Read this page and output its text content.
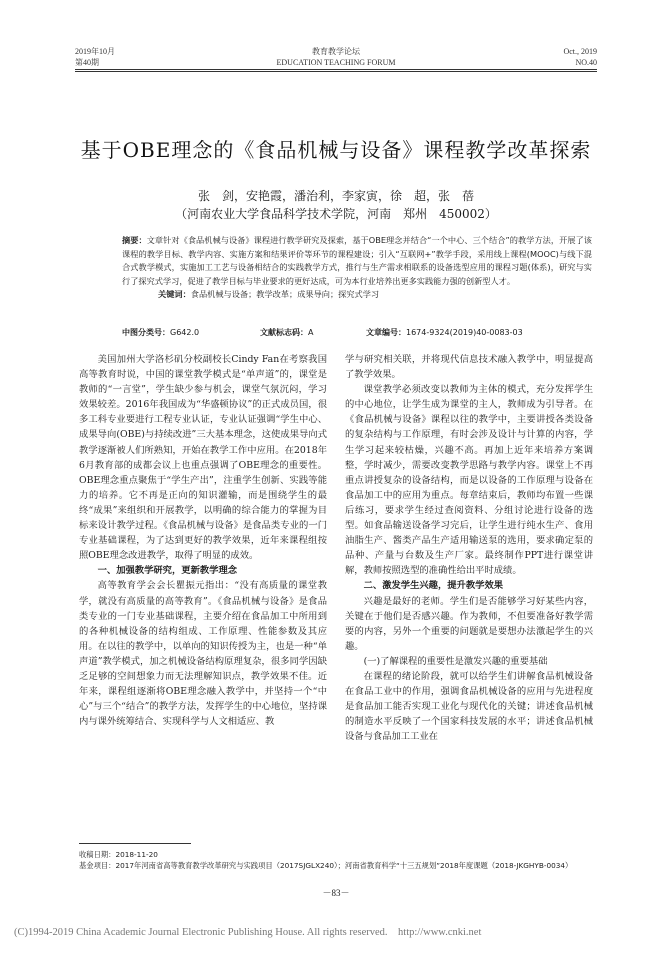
2019年10月
第40期
教育教学论坛
EDUCATION TEACHING FORUM
Oct., 2019
NO.40
基于OBE理念的《食品机械与设备》课程教学改革探索
张　剑，安艳霞，潘治利，李家寅，徐　超，张　蓓
（河南农业大学食品科学技术学院，河南　郑州　450002）
摘要：文章针对《食品机械与设备》课程进行教学研究及探索，基于OBE理念并结合“一个中心、三个结合”的教学方法，开展了该课程的教学目标、教学内容、实施方案和结果评价等环节的课程建设；引入“互联网+”教学手段，采用线上课程(MOOC)与线下混合式教学模式，实施加工工艺与设备相结合的实践教学方式，推行与生产需求相联系的设备选型应用的课程习题(体系)，研究与实行了探究式学习，促进了教学目标与毕业要求的更好达成，可为本行业培养出更多实践能力强的创新型人才。
关键词：食品机械与设备；教学改革；成果导向；探究式学习
中图分类号：G642.0	文献标志码：A	文章编号：1674-9324(2019)40-0083-03

美国加州大学洛杉矶分校副校长Cindy Fan在考察我国高等教育时说，中国的课堂教学模式是“单声道”的，课堂是教师的“一言堂”，学生缺少参与机会，课堂气氛沉闷，学习效果较差。2016年我国成为“华盛顿协议”的正式成员国，很多工科专业要进行工程专业认证，专业认证强调“学生中心、成果导向(OBE)与持续改进”三大基本理念，这使成果导向式教学逐渐被人们所熟知，开始在教学工作中应用。在2018年6月教育部的成都会议上也重点强调了OBE理念的重要性。OBE理念重点聚焦于“学生产出”，注重学生创新、实践等能力的培养。它不再是正向的知识灌输，而是围绕学生的最终“成果”来组织和开展教学，以明确的综合能力的掌握为目标来设计教学过程。《食品机械与设备》是食品类专业的一门专业基础课程，为了达到更好的教学效果，近年来课程组按照OBE理念改进教学，取得了明显的成效。

一、加强教学研究，更新教学理念

高等教育学会会长瞿振元指出：“没有高质量的课堂教学，就没有高质量的高等教育”。《食品机械与设备》是食品类专业的一门专业基础课程，主要介绍在食品加工中所用到的各种机械设备的结构组成、工作原理、性能参数及其应用。在以往的教学中，以单向的知识传授为主，也是一种“单声道”教学模式，加之机械设备结构原理复杂，很多同学因缺乏足够的空间想象力而无法理解知识点，教学效果不佳。近年来，课程组逐渐将OBE理念融入教学中，并坚持一个“中心”与三个“结合”的教学方法，发挥学生的中心地位，坚持课内与课外统筹结合、实现科学与人文相适应、教

学与研究相关联，并将现代信息技术融入教学中，明显提高了教学效果。

课堂教学必须改变以教师为主体的模式，充分发挥学生的中心地位，让学生成为课堂的主人，教师成为引导者。在《食品机械与设备》课程以往的教学中，主要讲授各类设备的复杂结构与工作原理，有时会涉及设计与计算的内容，学生学习起来较枯燥，兴趣不高。再加上近年来培养方案调整，学时减少，需要改变教学思路与教学内容。课堂上不再重点讲授复杂的设备结构，而是以设备的工作原理与设备在食品加工中的应用为重点。每章结束后，教师均布置一些课后练习，要求学生经过查阅资料、分组讨论进行设备的选型。如食品输送设备学习完后，让学生进行纯水生产、食用油脂生产、酱类产品生产适用输送泵的选用，要求确定泵的品种、产量与台数及生产厂家。最终制作PPT进行课堂讲解，教师按照选型的准确性给出平时成绩。

二、激发学生兴趣，提升教学效果

兴趣是最好的老师。学生们是否能够学习好某些内容，关键在于他们是否感兴趣。作为教师，不但要准备好教学需要的内容，另外一个重要的问题就是要想办法激起学生的兴趣。

(一)了解课程的重要性是激发兴趣的重要基础

在课程的绪论阶段，就可以给学生们讲解食品机械设备在食品工业中的作用，强调食品机械设备的应用与先进程度是食品加工能否实现工业化与现代化的关键；讲述食品机械的制造水平反映了一个国家科技发展的水平；讲述食品机械设备与食品加工工业在

收稿日期：2018-11-20
基金项目：2017年河南省高等教育教学改革研究与实践项目（2017SJGLX240）；河南省教育科学“十三五规划”2018年度课题（2018-JKGHYB-0034）
－83－
(C)1994-2019 China Academic Journal Electronic Publishing House. All rights reserved.　http://www.cnki.net
